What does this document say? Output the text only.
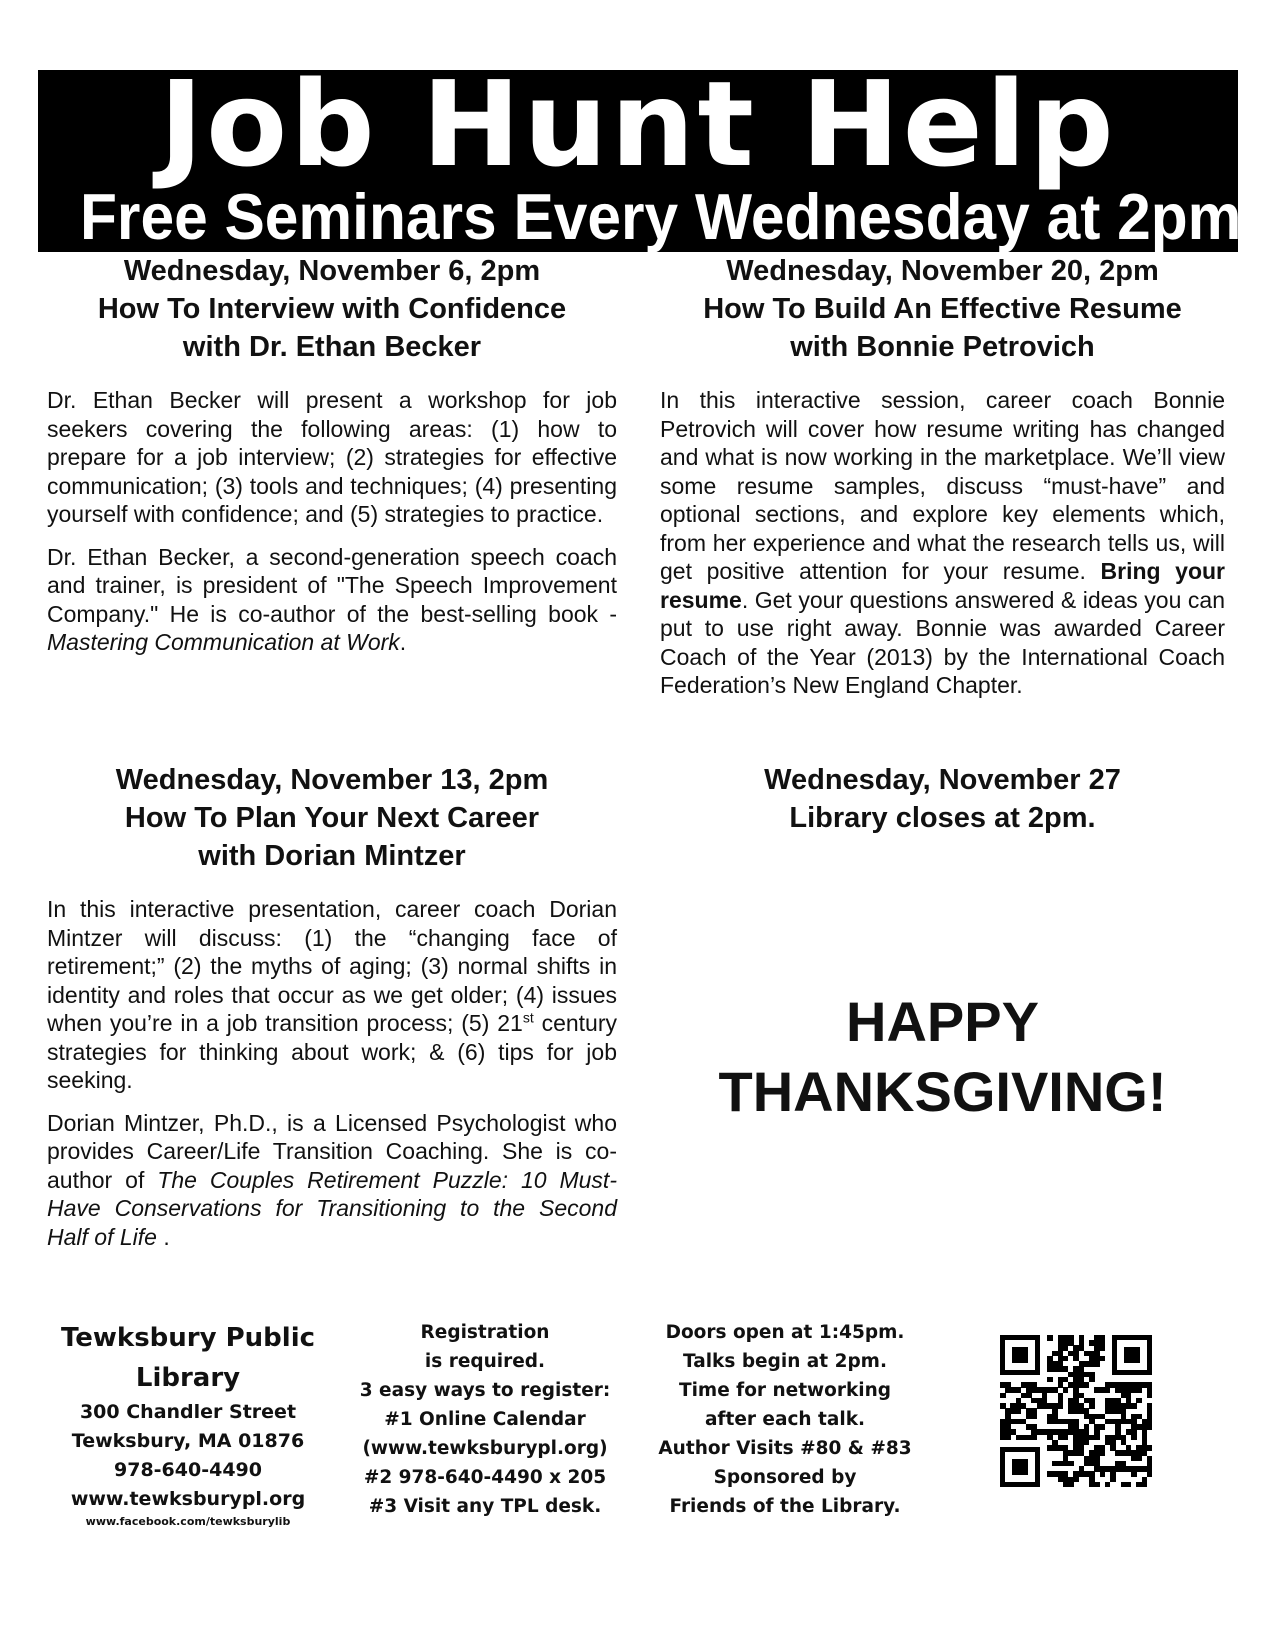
Job Hunt Help
Free Seminars Every Wednesday at 2pm
Wednesday, November 6, 2pm
How To Interview with Confidence
with Dr. Ethan Becker

Dr. Ethan Becker will present a workshop for job seekers covering the following areas: (1) how to prepare for a job interview; (2) strategies for effective communication; (3) tools and techniques; (4) presenting yourself with confidence; and (5) strategies to practice.

Dr. Ethan Becker, a second-generation speech coach and trainer, is president of "The Speech Improvement Company." He is co-author of the best-selling book - Mastering Communication at Work.

Wednesday, November 20, 2pm
How To Build An Effective Resume
with Bonnie Petrovich

In this interactive session, career coach Bonnie Petrovich will cover how resume writing has changed and what is now working in the marketplace. We’ll view some resume samples, discuss “must-have” and optional sections, and explore key elements which, from her experience and what the research tells us, will get positive attention for your resume. Bring your resume. Get your questions answered & ideas you can put to use right away. Bonnie was awarded Career Coach of the Year (2013) by the International Coach Federation’s New England Chapter.

Wednesday, November 13, 2pm
How To Plan Your Next Career
with Dorian Mintzer

In this interactive presentation, career coach Dorian Mintzer will discuss: (1) the “changing face of retirement;” (2) the myths of aging; (3) normal shifts in identity and roles that occur as we get older; (4) issues when you’re in a job transition process; (5) 21st century strategies for thinking about work; & (6) tips for job seeking.

Dorian Mintzer, Ph.D., is a Licensed Psychologist who provides Career/Life Transition Coaching. She is co-author of The Couples Retirement Puzzle: 10 Must-Have Conservations for Transitioning to the Second Half of Life .

Wednesday, November 27
Library closes at 2pm.
HAPPY
THANKSGIVING!
Tewksbury Public
Library
300 Chandler Street
Tewksbury, MA 01876
978-640-4490
www.tewksburypl.org
www.facebook.com/tewksburylib
Registration
is required.
3 easy ways to register:
#1 Online Calendar
(www.tewksburypl.org)
#2 978-640-4490 x 205
#3 Visit any TPL desk.
Doors open at 1:45pm.
Talks begin at 2pm.
Time for networking
after each talk.
Author Visits #80 & #83
Sponsored by
Friends of the Library.
